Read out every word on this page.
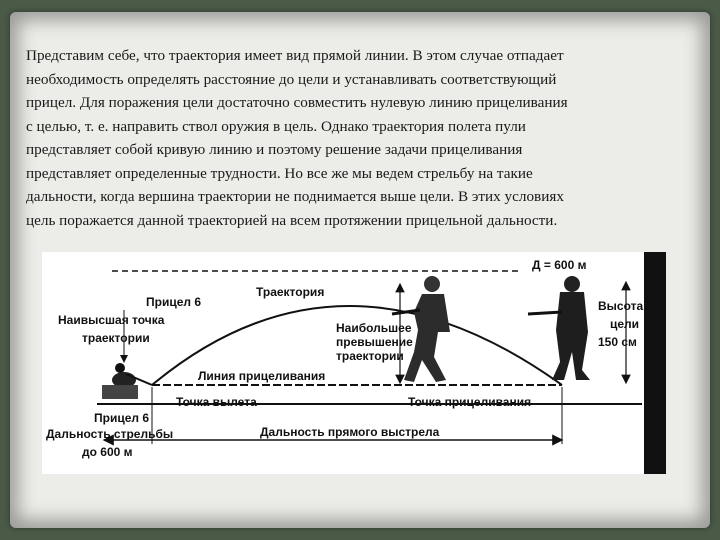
Представим себе, что траектория имеет вид прямой линии. В этом случае отпадает
необходимость определять расстояние до цели и устанавливать соответствующий
прицел. Для поражения цели достаточно совместить нулевую линию прицеливания
с целью, т. е. направить ствол оружия в цель. Однако траектория полета пули
представляет собой кривую линию и поэтому решение задачи прицеливания
представляет определенные трудности. Но все же мы ведем стрельбу на такие
дальности, когда вершина траектории не поднимается выше цели. В этих условиях
цель поражается данной траекторией на всем протяжении прицельной дальности.
Д = 600 м
Прицел 6
Наивысшая точка
траектории
Траектория
Наибольшее
превышение
траектории
Высота
цели
150 см
Линия прицеливания
Прицел 6
Точка вылета	Точка прицеливания
Дальность стрельбы
до 600 м
Дальность прямого выстрела
